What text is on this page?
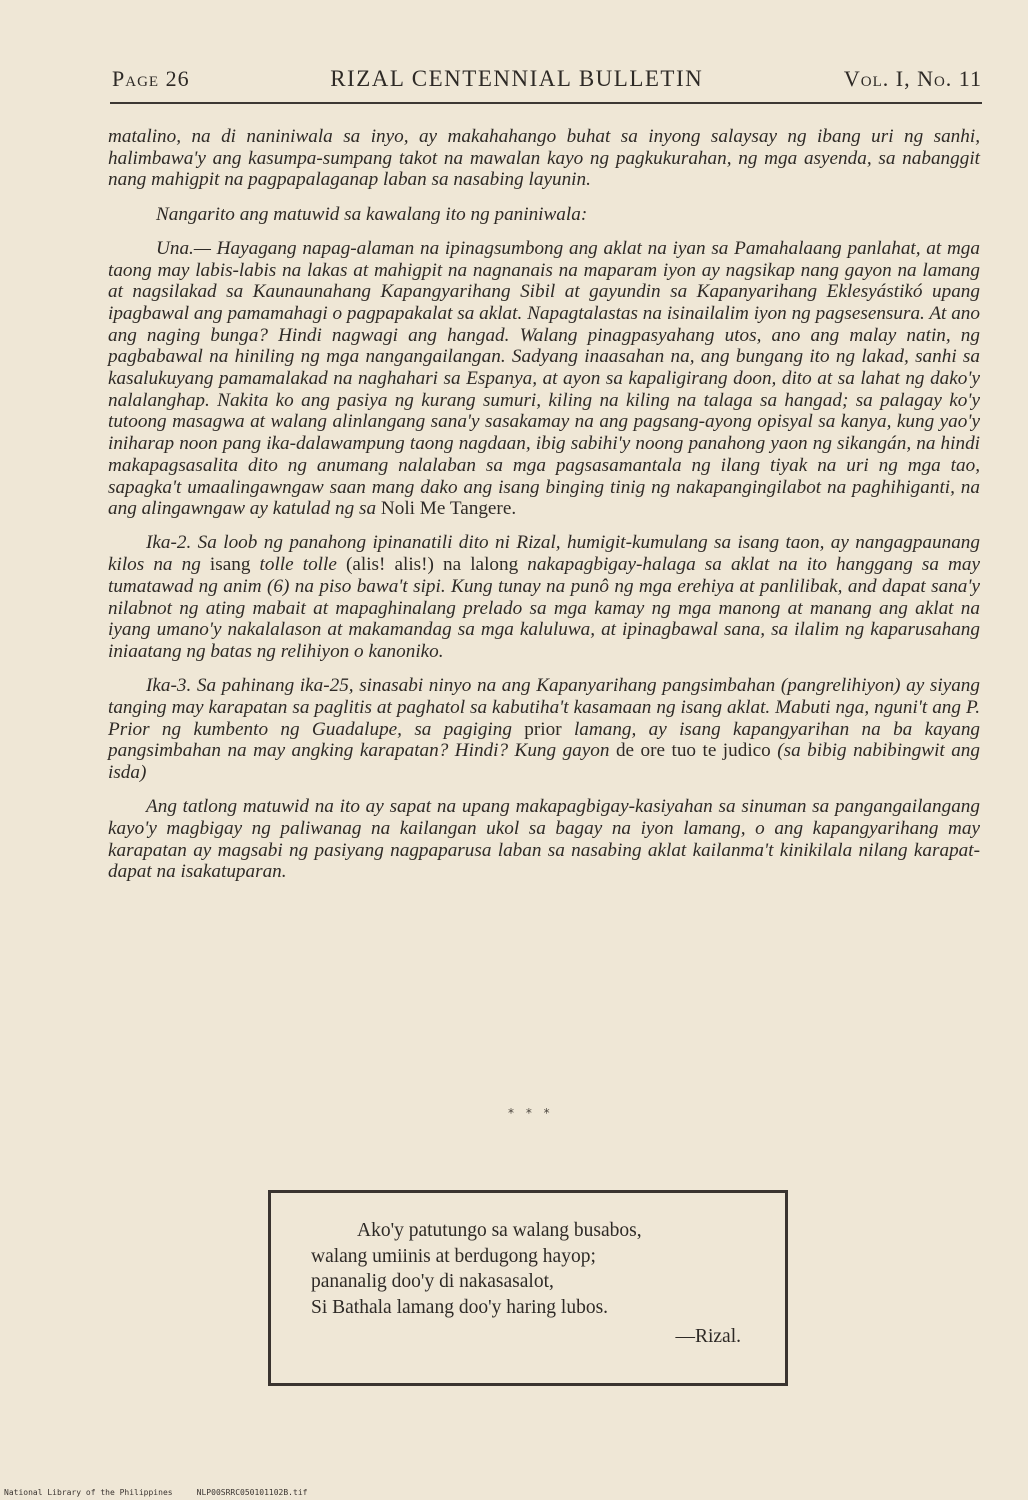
Page 26	RIZAL CENTENNIAL BULLETIN	Vol. I, No. 11

matalino, na di naniniwala sa inyo, ay makahahango buhat sa inyong salaysay ng ibang uri ng sanhi, halimbawa'y ang kasumpa-sumpang takot na mawalan kayo ng pagkukurahan, ng mga asyenda, sa nabanggit nang mahigpit na pagpapalaganap laban sa nasabing layunin.

Nangarito ang matuwid sa kawalang ito ng paniniwala:

Una.— Hayagang napag-alaman na ipinagsumbong ang aklat na iyan sa Pamahalaang panlahat, at mga taong may labis-labis na lakas at mahigpit na nagnanais na maparam iyon ay nagsikap nang gayon na lamang at nagsilakad sa Kaunaunahang Kapangyarihang Sibil at gayundin sa Kapanyarihang Eklesyástikó upang ipagbawal ang pamamahagi o pagpapakalat sa aklat. Napagtalastas na isinailalim iyon ng pagsesensura. At ano ang naging bunga? Hindi nagwagi ang hangad. Walang pinagpasyahang utos, ano ang malay natin, ng pagbabawal na hiniling ng mga nangangailangan. Sadyang inaasahan na, ang bungang ito ng lakad, sanhi sa kasalukuyang pamamalakad na naghahari sa Espanya, at ayon sa kapaligirang doon, dito at sa lahat ng dako'y nalalanghap. Nakita ko ang pasiya ng kurang sumuri, kiling na kiling na talaga sa hangad; sa palagay ko'y tutoong masagwa at walang alinlangang sana'y sasakamay na ang pagsang-ayong opisyal sa kanya, kung yao'y iniharap noon pang ika-dalawampung taong nagdaan, ibig sabihi'y noong panahong yaon ng sikangán, na hindi makapagsasalita dito ng anumang nalalaban sa mga pagsasamantala ng ilang tiyak na uri ng mga tao, sapagka't umaalingawngaw saan mang dako ang isang binging tinig ng nakapangingilabot na paghihiganti, na ang alingawngaw ay katulad ng sa Noli Me Tangere.

Ika-2. Sa loob ng panahong ipinanatili dito ni Rizal, humigit-kumulang sa isang taon, ay nangagpaunang kilos na ng isang tolle tolle (alis! alis!) na lalong nakapagbigay-halaga sa aklat na ito hanggang sa may tumatawad ng anim (6) na piso bawa't sipi. Kung tunay na punô ng mga erehiya at panlilibak, and dapat sana'y nilabnot ng ating mabait at mapaghinalang prelado sa mga kamay ng mga manong at manang ang aklat na iyang umano'y nakalalason at makamandag sa mga kaluluwa, at ipinagbawal sana, sa ilalim ng kaparusahang iniaatang ng batas ng relihiyon o kanoniko.

Ika-3. Sa pahinang ika-25, sinasabi ninyo na ang Kapanyarihang pangsimbahan (pangrelihiyon) ay siyang tanging may karapatan sa paglitis at paghatol sa kabutiha't kasamaan ng isang aklat. Mabuti nga, nguni't ang P. Prior ng kumbento ng Guadalupe, sa pagiging prior lamang, ay isang kapangyarihan na ba kayang pangsimbahan na may angking karapatan? Hindi? Kung gayon de ore tuo te judico (sa bibig nabibingwit ang isda)

Ang tatlong matuwid na ito ay sapat na upang makapagbigay-kasiyahan sa sinuman sa pangangailangang kayo'y magbigay ng paliwanag na kailangan ukol sa bagay na iyon lamang, o ang kapangyarihang may karapatan ay magsabi ng pasiyang nagpaparusa laban sa nasabing aklat kailanma't kinikilala nilang karapat-dapat na isakatuparan.

* * *
Ako'y patutungo sa walang busabos,
walang umiinis at berdugong hayop;
pananalig doo'y di nakasasalot,
Si Bathala lamang doo'y haring lubos.
—Rizal.
National Library of the Philippines	NLP00SRRC050101102B.tif
